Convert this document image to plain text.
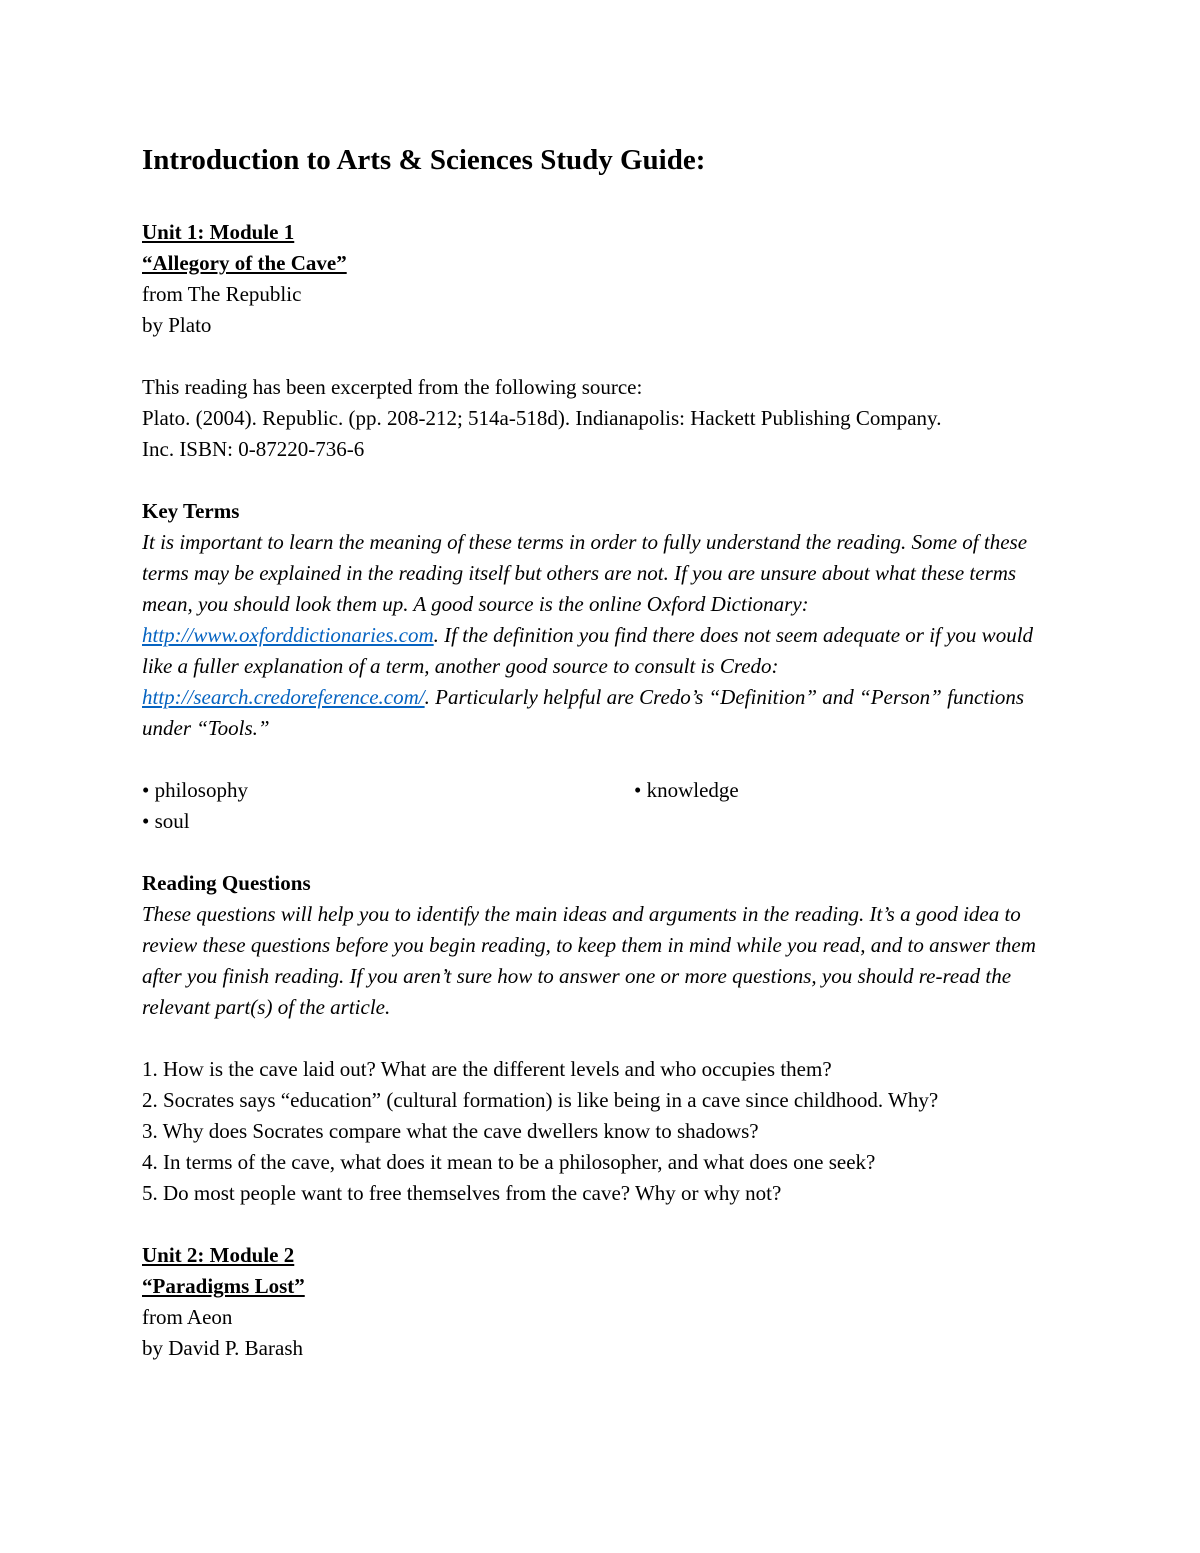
Introduction to Arts & Sciences Study Guide:
Unit 1: Module 1
“Allegory of the Cave”
from The Republic
by Plato
This reading has been excerpted from the following source:
Plato. (2004). Republic. (pp. 208-212; 514a-518d). Indianapolis: Hackett Publishing Company.
Inc. ISBN: 0-87220-736-6
Key Terms
It is important to learn the meaning of these terms in order to fully understand the reading. Some of these terms may be explained in the reading itself but others are not. If you are unsure about what these terms mean, you should look them up. A good source is the online Oxford Dictionary: http://www.oxforddictionaries.com. If the definition you find there does not seem adequate or if you would like a fuller explanation of a term, another good source to consult is Credo: http://search.credoreference.com/. Particularly helpful are Credo’s “Definition” and “Person” functions under “Tools.”
• philosophy	• knowledge
• soul
Reading Questions
These questions will help you to identify the main ideas and arguments in the reading. It’s a good idea to review these questions before you begin reading, to keep them in mind while you read, and to answer them after you finish reading. If you aren’t sure how to answer one or more questions, you should re-read the relevant part(s) of the article.
1. How is the cave laid out? What are the different levels and who occupies them?
2. Socrates says “education” (cultural formation) is like being in a cave since childhood. Why?
3. Why does Socrates compare what the cave dwellers know to shadows?
4. In terms of the cave, what does it mean to be a philosopher, and what does one seek?
5. Do most people want to free themselves from the cave? Why or why not?
Unit 2: Module 2
“Paradigms Lost”
from Aeon
by David P. Barash
